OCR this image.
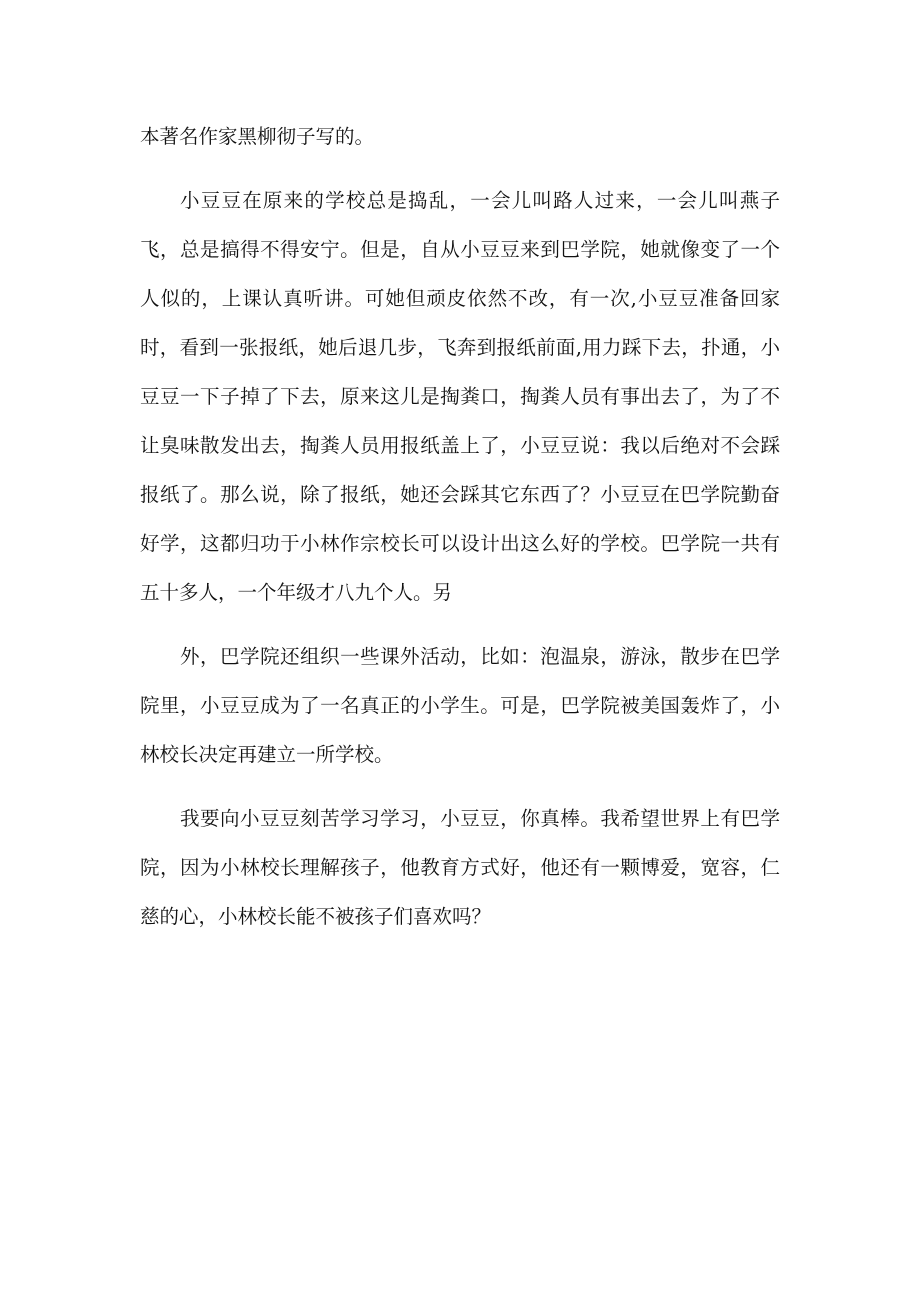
本著名作家黑柳彻子写的。

小豆豆在原来的学校总是捣乱，一会儿叫路人过来，一会儿叫燕子飞，总是搞得不得安宁。但是，自从小豆豆来到巴学院，她就像变了一个人似的，上课认真听讲。可她但顽皮依然不改，有一次,小豆豆准备回家时，看到一张报纸，她后退几步，飞奔到报纸前面,用力踩下去，扑通，小豆豆一下子掉了下去，原来这儿是掏粪口，掏粪人员有事出去了，为了不让臭味散发出去，掏粪人员用报纸盖上了，小豆豆说：我以后绝对不会踩报纸了。那么说，除了报纸，她还会踩其它东西了？小豆豆在巴学院勤奋好学，这都归功于小林作宗校长可以设计出这么好的学校。巴学院一共有五十多人，一个年级才八九个人。另

外，巴学院还组织一些课外活动，比如：泡温泉，游泳，散步在巴学院里，小豆豆成为了一名真正的小学生。可是，巴学院被美国轰炸了，小林校长决定再建立一所学校。

我要向小豆豆刻苦学习学习，小豆豆，你真棒。我希望世界上有巴学院，因为小林校长理解孩子，他教育方式好，他还有一颗博爱，宽容，仁慈的心，小林校长能不被孩子们喜欢吗？
